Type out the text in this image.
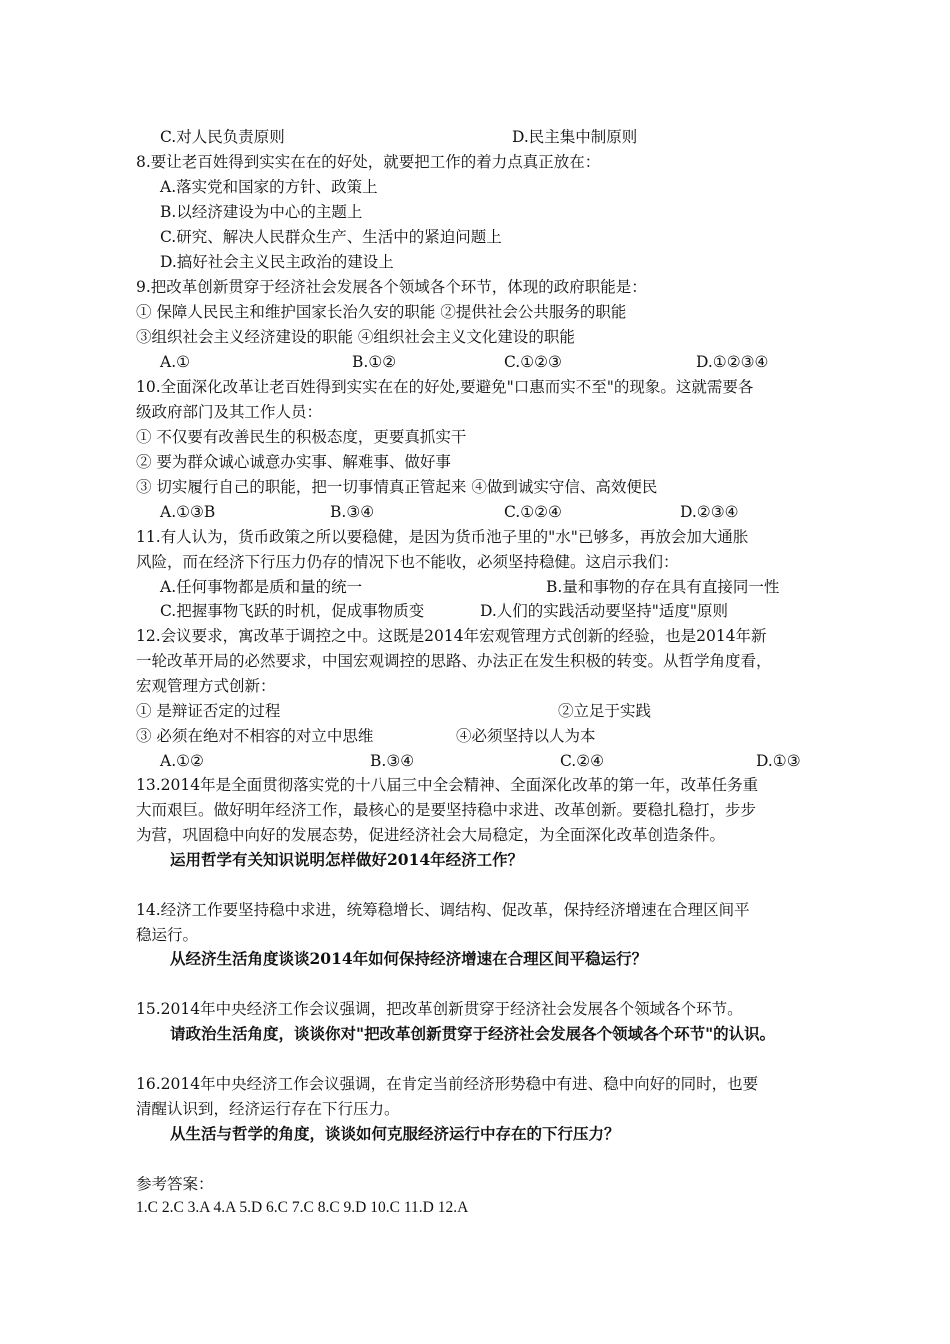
C.对人民负责原则	D.民主集中制原则
8.要让老百姓得到实实在在的好处，就要把工作的着力点真正放在：
A.落实党和国家的方针、政策上
B.以经济建设为中心的主题上
C.研究、解决人民群众生产、生活中的紧迫问题上
D.搞好社会主义民主政治的建设上
9.把改革创新贯穿于经济社会发展各个领域各个环节，体现的政府职能是：
① 保障人民民主和维护国家长治久安的职能 ②提供社会公共服务的职能
③组织社会主义经济建设的职能 ④组织社会主义文化建设的职能
A.①	B.①②	C.①②③	D.①②③④
10.全面深化改革让老百姓得到实实在在的好处,要避免"口惠而实不至"的现象。这就需要各
级政府部门及其工作人员：
① 不仅要有改善民生的积极态度，更要真抓实干
② 要为群众诚心诚意办实事、解难事、做好事
③ 切实履行自己的职能，把一切事情真正管起来 ④做到诚实守信、高效便民
A.①③B	B.③④	C.①②④	D.②③④
11.有人认为，货币政策之所以要稳健，是因为货币池子里的"水"已够多，再放会加大通胀
风险，而在经济下行压力仍存的情况下也不能收，必须坚持稳健。这启示我们：
A.任何事物都是质和量的统一	B.量和事物的存在具有直接同一性
C.把握事物飞跃的时机，促成事物质变	D.人们的实践活动要坚持"适度"原则
12.会议要求，寓改革于调控之中。这既是2014年宏观管理方式创新的经验，也是2014年新
一轮改革开局的必然要求，中国宏观调控的思路、办法正在发生积极的转变。从哲学角度看，
宏观管理方式创新：
① 是辩证否定的过程	②立足于实践
③ 必须在绝对不相容的对立中思维	④必须坚持以人为本
A.①②	B.③④	C.②④	D.①③
13.2014年是全面贯彻落实党的十八届三中全会精神、全面深化改革的第一年，改革任务重
大而艰巨。做好明年经济工作，最核心的是要坚持稳中求进、改革创新。要稳扎稳打，步步
为营，巩固稳中向好的发展态势，促进经济社会大局稳定，为全面深化改革创造条件。
运用哲学有关知识说明怎样做好2014年经济工作？
14.经济工作要坚持稳中求进，统筹稳增长、调结构、促改革，保持经济增速在合理区间平
稳运行。
从经济生活角度谈谈2014年如何保持经济增速在合理区间平稳运行？
15.2014年中央经济工作会议强调，把改革创新贯穿于经济社会发展各个领域各个环节。
请政治生活角度，谈谈你对"把改革创新贯穿于经济社会发展各个领域各个环节"的认识。
16.2014年中央经济工作会议强调，在肯定当前经济形势稳中有进、稳中向好的同时，也要
清醒认识到，经济运行存在下行压力。
从生活与哲学的角度，谈谈如何克服经济运行中存在的下行压力？
参考答案：
1.C 2.C 3.A 4.A 5.D 6.C 7.C 8.C 9.D 10.C 11.D 12.A
